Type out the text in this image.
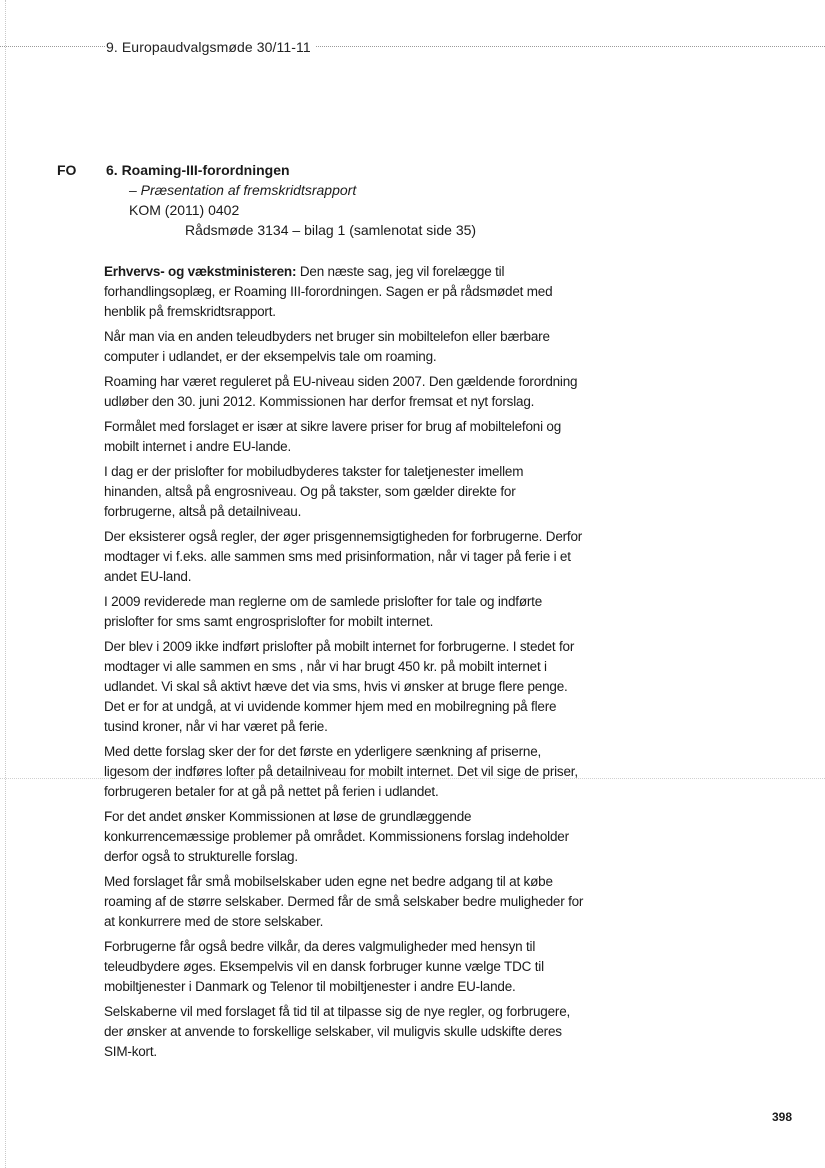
9. Europaudvalgsmøde 30/11-11
FO 6. Roaming-III-forordningen
– Præsentation af fremskridtsrapport
KOM (2011) 0402
Rådsmøde 3134 – bilag 1 (samlenotat side 35)

Erhvervs- og vækstministeren: Den næste sag, jeg vil forelægge til forhandlingsoplæg, er Roaming III-forordningen. Sagen er på rådsmødet med henblik på fremskridtsrapport.

Når man via en anden teleudbyders net bruger sin mobiltelefon eller bærbare computer i udlandet, er der eksempelvis tale om roaming.

Roaming har været reguleret på EU-niveau siden 2007. Den gældende forordning udløber den 30. juni 2012. Kommissionen har derfor fremsat et nyt forslag.

Formålet med forslaget er især at sikre lavere priser for brug af mobiltelefoni og mobilt internet i andre EU-lande.

I dag er der prislofter for mobiludbyderes takster for taletjenester imellem hinanden, altså på engrosniveau. Og på takster, som gælder direkte for forbrugerne, altså på detailniveau.

Der eksisterer også regler, der øger prisgennemsigtigheden for forbrugerne. Derfor modtager vi f.eks. alle sammen sms med prisinformation, når vi tager på ferie i et andet EU-land.

I 2009 reviderede man reglerne om de samlede prislofter for tale og indførte prislofter for sms samt engrosprislofter for mobilt internet.

Der blev i 2009 ikke indført prislofter på mobilt internet for forbrugerne. I stedet for modtager vi alle sammen en sms , når vi har brugt 450 kr. på mobilt internet i udlandet. Vi skal så aktivt hæve det via sms, hvis vi ønsker at bruge flere penge. Det er for at undgå, at vi uvidende kommer hjem med en mobilregning på flere tusind kroner, når vi har været på ferie.

Med dette forslag sker der for det første en yderligere sænkning af priserne, ligesom der indføres lofter på detailniveau for mobilt internet. Det vil sige de priser, forbrugeren betaler for at gå på nettet på ferien i udlandet.

For det andet ønsker Kommissionen at løse de grundlæggende konkurrencemæssige problemer på området. Kommissionens forslag indeholder derfor også to strukturelle forslag.

Med forslaget får små mobilselskaber uden egne net bedre adgang til at købe roaming af de større selskaber. Dermed får de små selskaber bedre muligheder for at konkurrere med de store selskaber.

Forbrugerne får også bedre vilkår, da deres valgmuligheder med hensyn til teleudbydere øges. Eksempelvis vil en dansk forbruger kunne vælge TDC til mobiltjenester i Danmark og Telenor til mobiltjenester i andre EU-lande.

Selskaberne vil med forslaget få tid til at tilpasse sig de nye regler, og forbrugere, der ønsker at anvende to forskellige selskaber, vil muligvis skulle udskifte deres SIM-kort.

398
